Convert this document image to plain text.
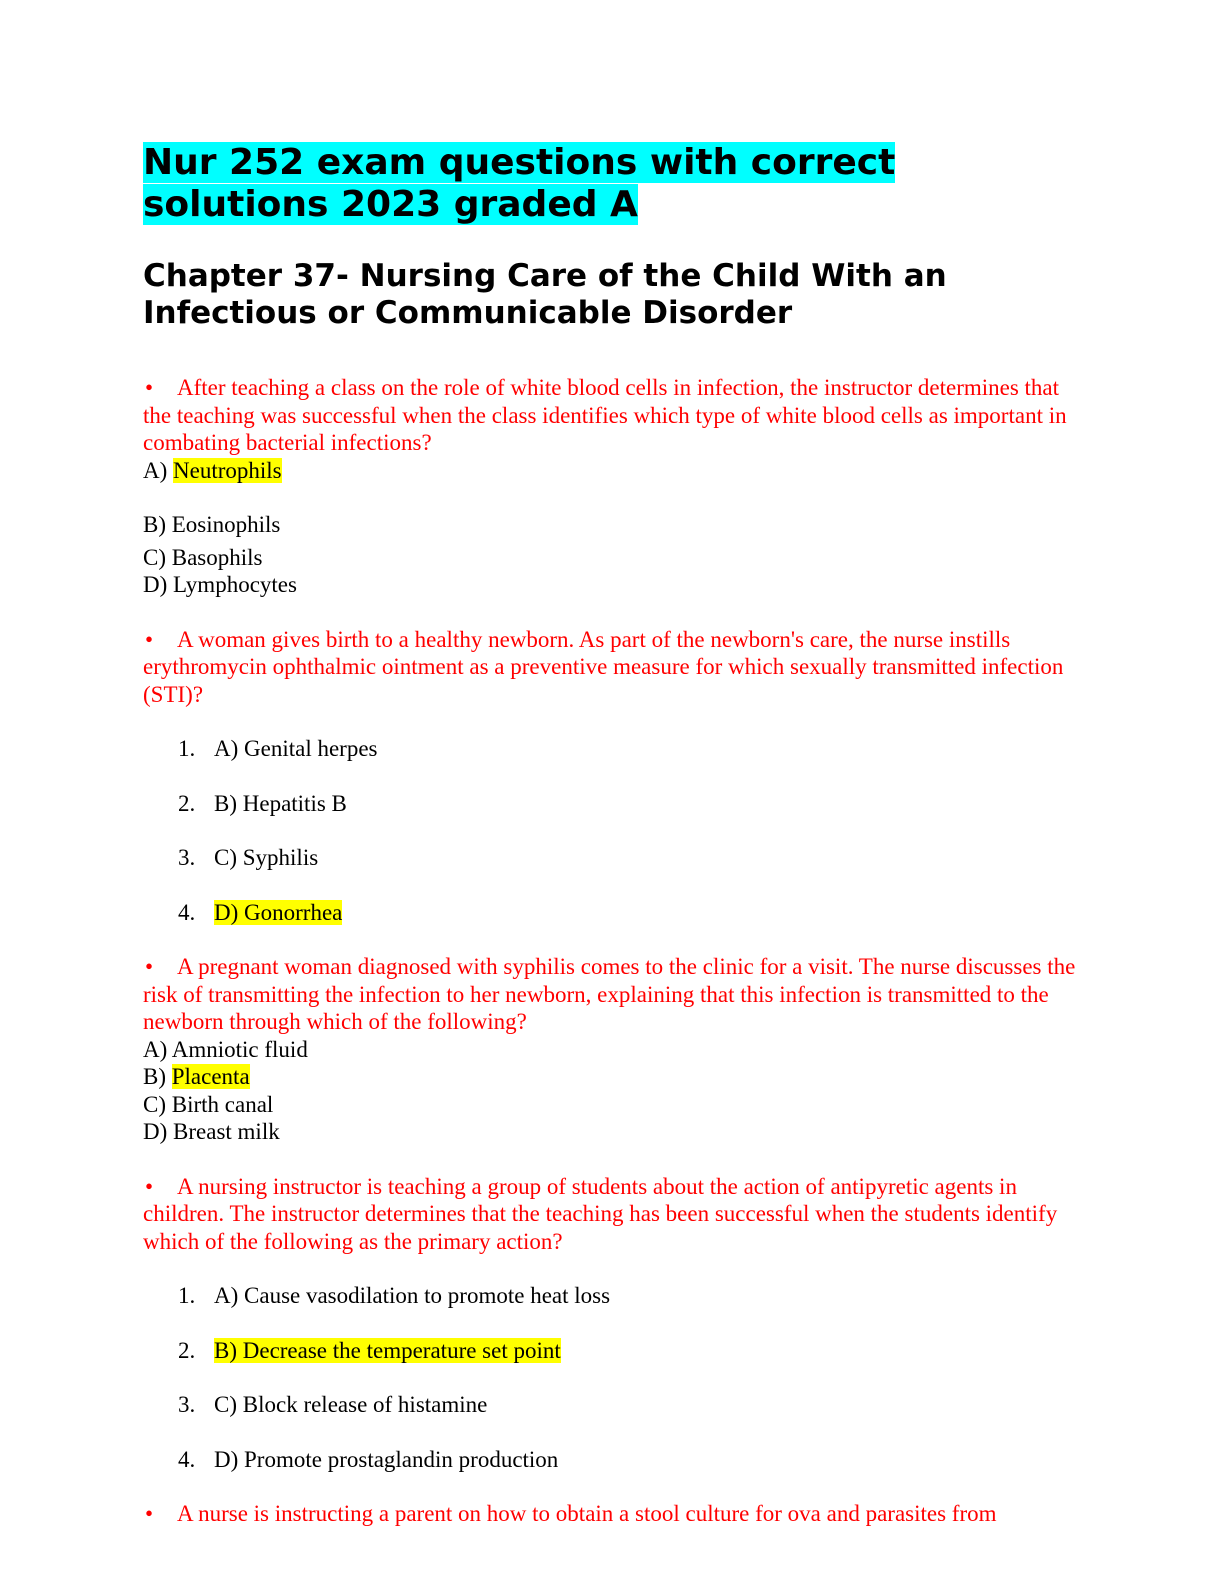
Nur 252 exam questions with correct solutions 2023 graded A
Chapter 37- Nursing Care of the Child With an Infectious or Communicable Disorder

• After teaching a class on the role of white blood cells in infection, the instructor determines that the teaching was successful when the class identifies which type of white blood cells as important in combating bacterial infections?

A) Neutrophils

B) Eosinophils

C) Basophils

D) Lymphocytes

• A woman gives birth to a healthy newborn. As part of the newborn's care, the nurse instills erythromycin ophthalmic ointment as a preventive measure for which sexually transmitted infection (STI)?

1. A) Genital herpes

2. B) Hepatitis B

3. C) Syphilis

4. D) Gonorrhea

• A pregnant woman diagnosed with syphilis comes to the clinic for a visit. The nurse discusses the risk of transmitting the infection to her newborn, explaining that this infection is transmitted to the newborn through which of the following?

A) Amniotic fluid

B) Placenta

C) Birth canal

D) Breast milk

• A nursing instructor is teaching a group of students about the action of antipyretic agents in children. The instructor determines that the teaching has been successful when the students identify which of the following as the primary action?

1. A) Cause vasodilation to promote heat loss

2. B) Decrease the temperature set point

3. C) Block release of histamine

4. D) Promote prostaglandin production

• A nurse is instructing a parent on how to obtain a stool culture for ova and parasites from
